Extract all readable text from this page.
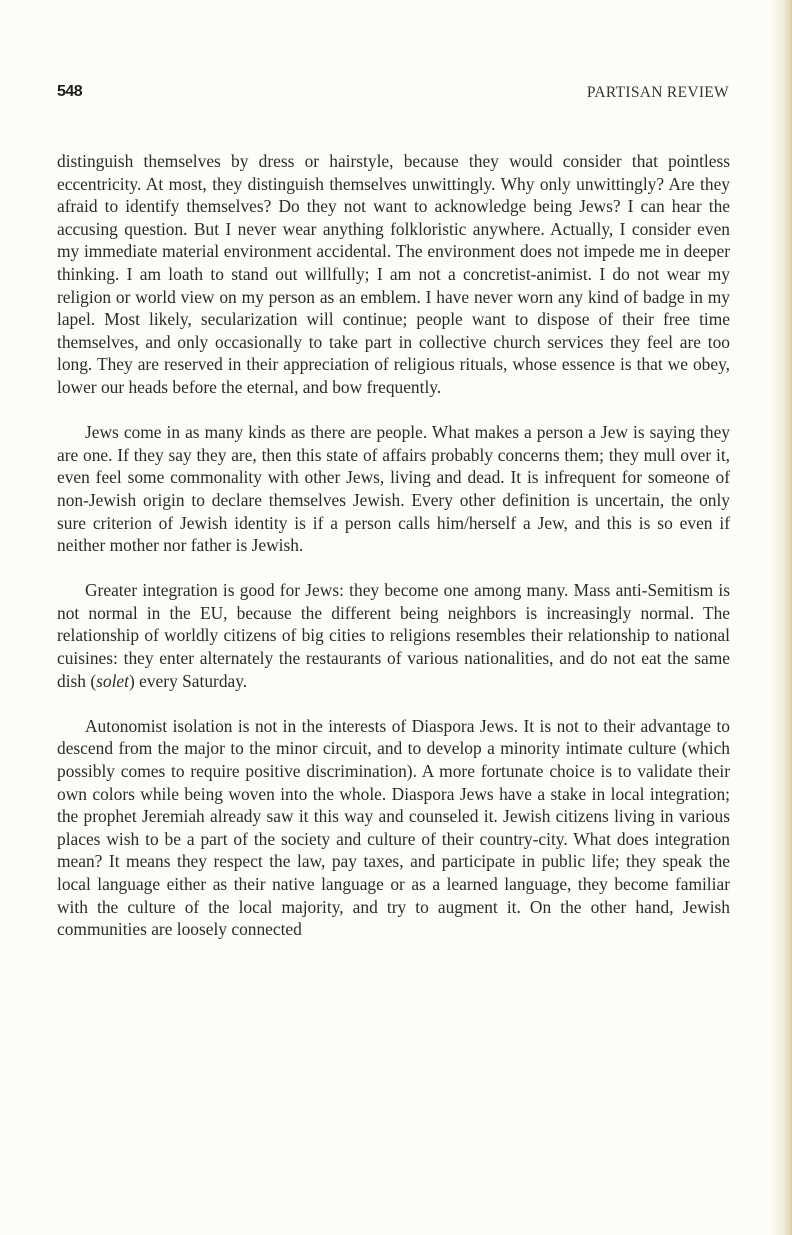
548	PARTISAN REVIEW

distinguish themselves by dress or hairstyle, because they would consider that pointless eccentricity. At most, they distinguish themselves unwittingly. Why only unwittingly? Are they afraid to identify themselves? Do they not want to acknowledge being Jews? I can hear the accusing question. But I never wear anything folkloristic anywhere. Actually, I consider even my immediate material environment accidental. The environment does not impede me in deeper thinking. I am loath to stand out willfully; I am not a concretist-animist. I do not wear my religion or world view on my person as an emblem. I have never worn any kind of badge in my lapel. Most likely, secularization will continue; people want to dispose of their free time themselves, and only occasionally to take part in collective church services they feel are too long. They are reserved in their appreciation of religious rituals, whose essence is that we obey, lower our heads before the eternal, and bow frequently.

Jews come in as many kinds as there are people. What makes a person a Jew is saying they are one. If they say they are, then this state of affairs probably concerns them; they mull over it, even feel some commonality with other Jews, living and dead. It is infrequent for someone of non-Jewish origin to declare themselves Jewish. Every other definition is uncertain, the only sure criterion of Jewish identity is if a person calls him/herself a Jew, and this is so even if neither mother nor father is Jewish.

Greater integration is good for Jews: they become one among many. Mass anti-Semitism is not normal in the EU, because the different being neighbors is increasingly normal. The relationship of worldly citizens of big cities to religions resembles their relationship to national cuisines: they enter alternately the restaurants of various nationalities, and do not eat the same dish (solet) every Saturday.

Autonomist isolation is not in the interests of Diaspora Jews. It is not to their advantage to descend from the major to the minor circuit, and to develop a minority intimate culture (which possibly comes to require positive discrimination). A more fortunate choice is to validate their own colors while being woven into the whole. Diaspora Jews have a stake in local integration; the prophet Jeremiah already saw it this way and counseled it. Jewish citizens living in various places wish to be a part of the society and culture of their country-city. What does integration mean? It means they respect the law, pay taxes, and participate in public life; they speak the local language either as their native language or as a learned language, they become familiar with the culture of the local majority, and try to augment it. On the other hand, Jewish communities are loosely connected
